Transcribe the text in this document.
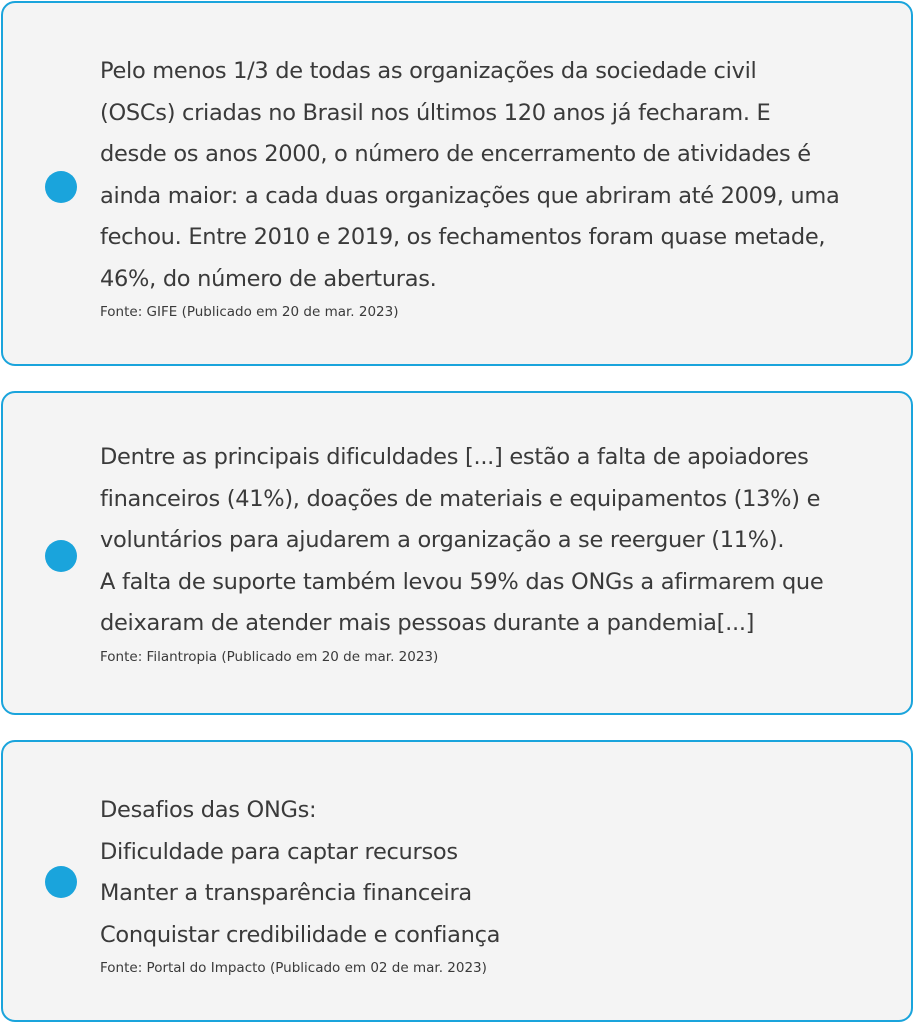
Pelo menos 1/3 de todas as organizações da sociedade civil
(OSCs) criadas no Brasil nos últimos 120 anos já fecharam. E
desde os anos 2000, o número de encerramento de atividades é
ainda maior: a cada duas organizações que abriram até 2009, uma
fechou. Entre 2010 e 2019, os fechamentos foram quase metade,
46%, do número de aberturas.

Fonte: GIFE (Publicado em 20 de mar. 2023)

Dentre as principais dificuldades [...] estão a falta de apoiadores
financeiros (41%), doações de materiais e equipamentos (13%) e
voluntários para ajudarem a organização a se reerguer (11%).
A falta de suporte também levou 59% das ONGs a afirmarem que
deixaram de atender mais pessoas durante a pandemia[...]

Fonte: Filantropia (Publicado em 20 de mar. 2023)

Desafios das ONGs:
Dificuldade para captar recursos
Manter a transparência financeira
Conquistar credibilidade e confiança

Fonte: Portal do Impacto (Publicado em 02 de mar. 2023)
